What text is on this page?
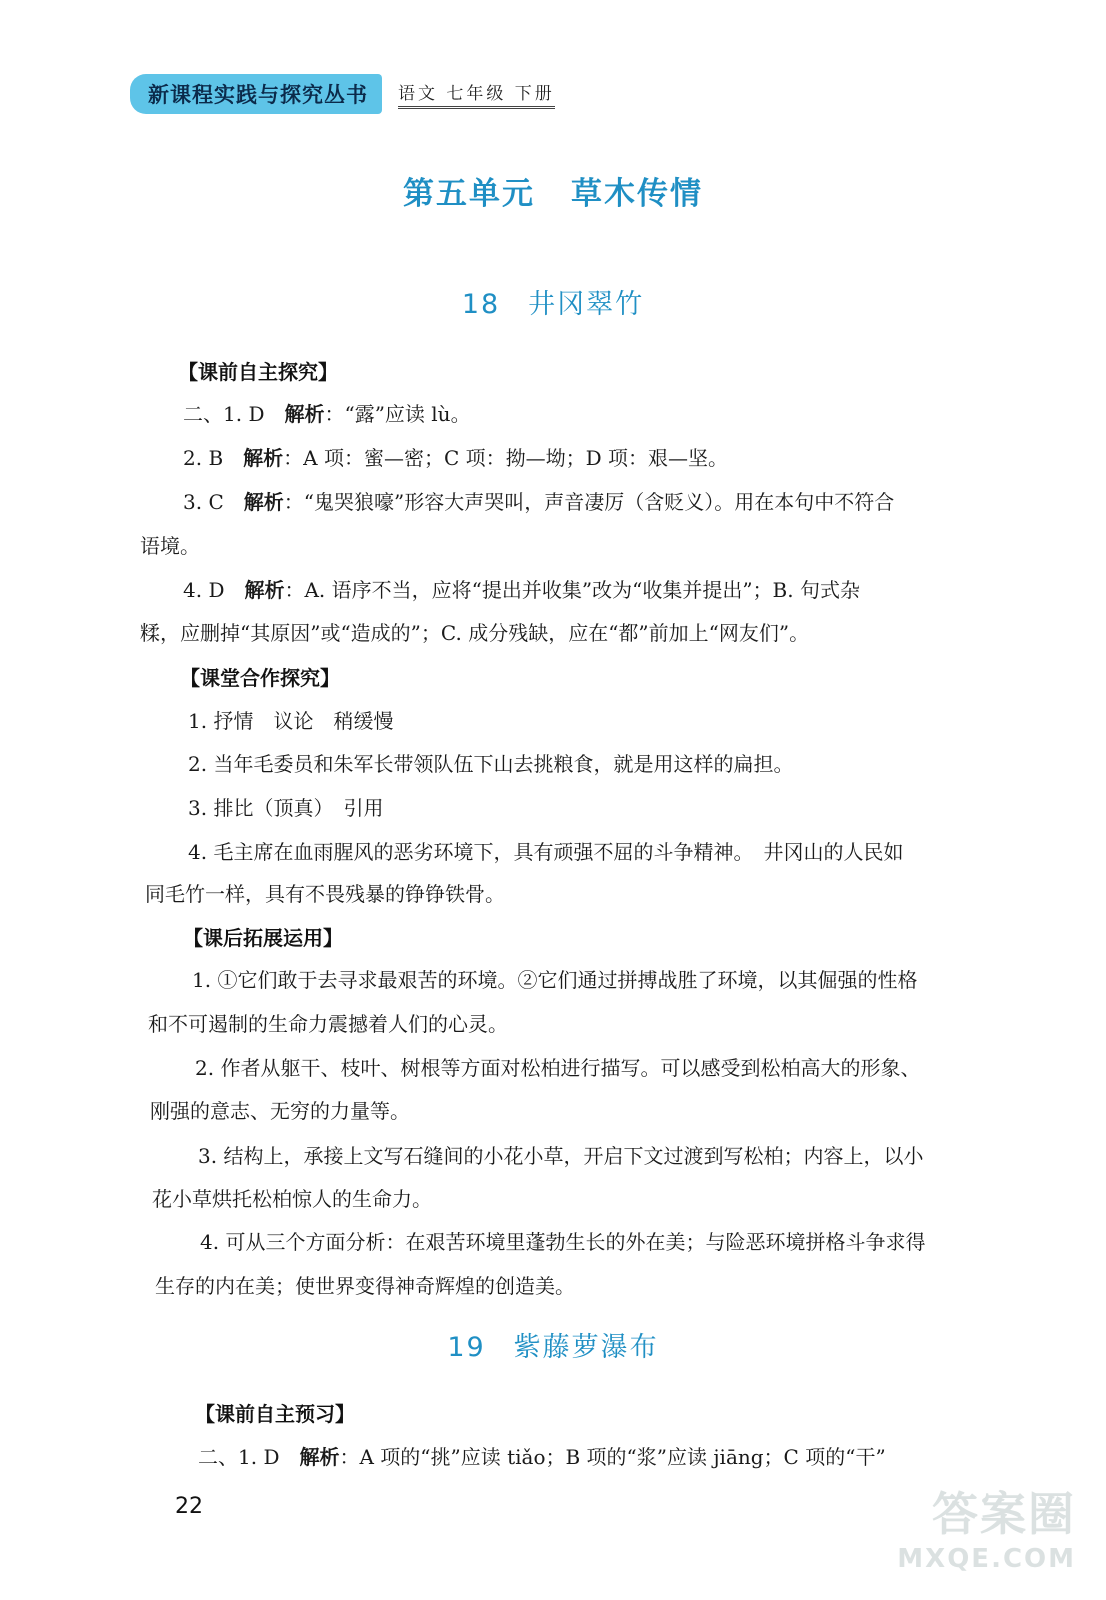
新课程实践与探究丛书	语文 七年级 下册
第五单元 草木传情
18 井冈翠竹
【课前自主探究】
二、1. D　 解析：“露”应读 lù。
2. B　 解析：A 项：蜜—密；C 项：拗—坳；D 项：艰—坚。
3. C　 解析：“鬼哭狼嚎”形容大声哭叫，声音凄厉（含贬义）。用在本句中不符合
语境。
4. D　 解析：A. 语序不当，应将“提出并收集”改为“收集并提出”；B. 句式杂
糅，应删掉“其原因”或“造成的”；C. 成分残缺，应在“都”前加上“网友们”。
【课堂合作探究】
1. 抒情　议论　稍缓慢
2. 当年毛委员和朱军长带领队伍下山去挑粮食，就是用这样的扁担。
3. 排比（顶真）　引用
4. 毛主席在血雨腥风的恶劣环境下，具有顽强不屈的斗争精神。　井冈山的人民如
同毛竹一样，具有不畏残暴的铮铮铁骨。
【课后拓展运用】
1. ①它们敢于去寻求最艰苦的环境。②它们通过拼搏战胜了环境，以其倔强的性格
和不可遏制的生命力震撼着人们的心灵。
2. 作者从躯干、枝叶、树根等方面对松柏进行描写。可以感受到松柏高大的形象、
刚强的意志、无穷的力量等。
3. 结构上，承接上文写石缝间的小花小草，开启下文过渡到写松柏；内容上，以小
花小草烘托松柏惊人的生命力。
4. 可从三个方面分析：在艰苦环境里蓬勃生长的外在美；与险恶环境拼格斗争求得
生存的内在美；使世界变得神奇辉煌的创造美。
19 紫藤萝瀑布
【课前自主预习】
二、1. D　 解析：A 项的“挑”应读 tiǎo；B 项的“浆”应读 jiāng；C 项的“干”
22	答案圈
MXQE.COM
